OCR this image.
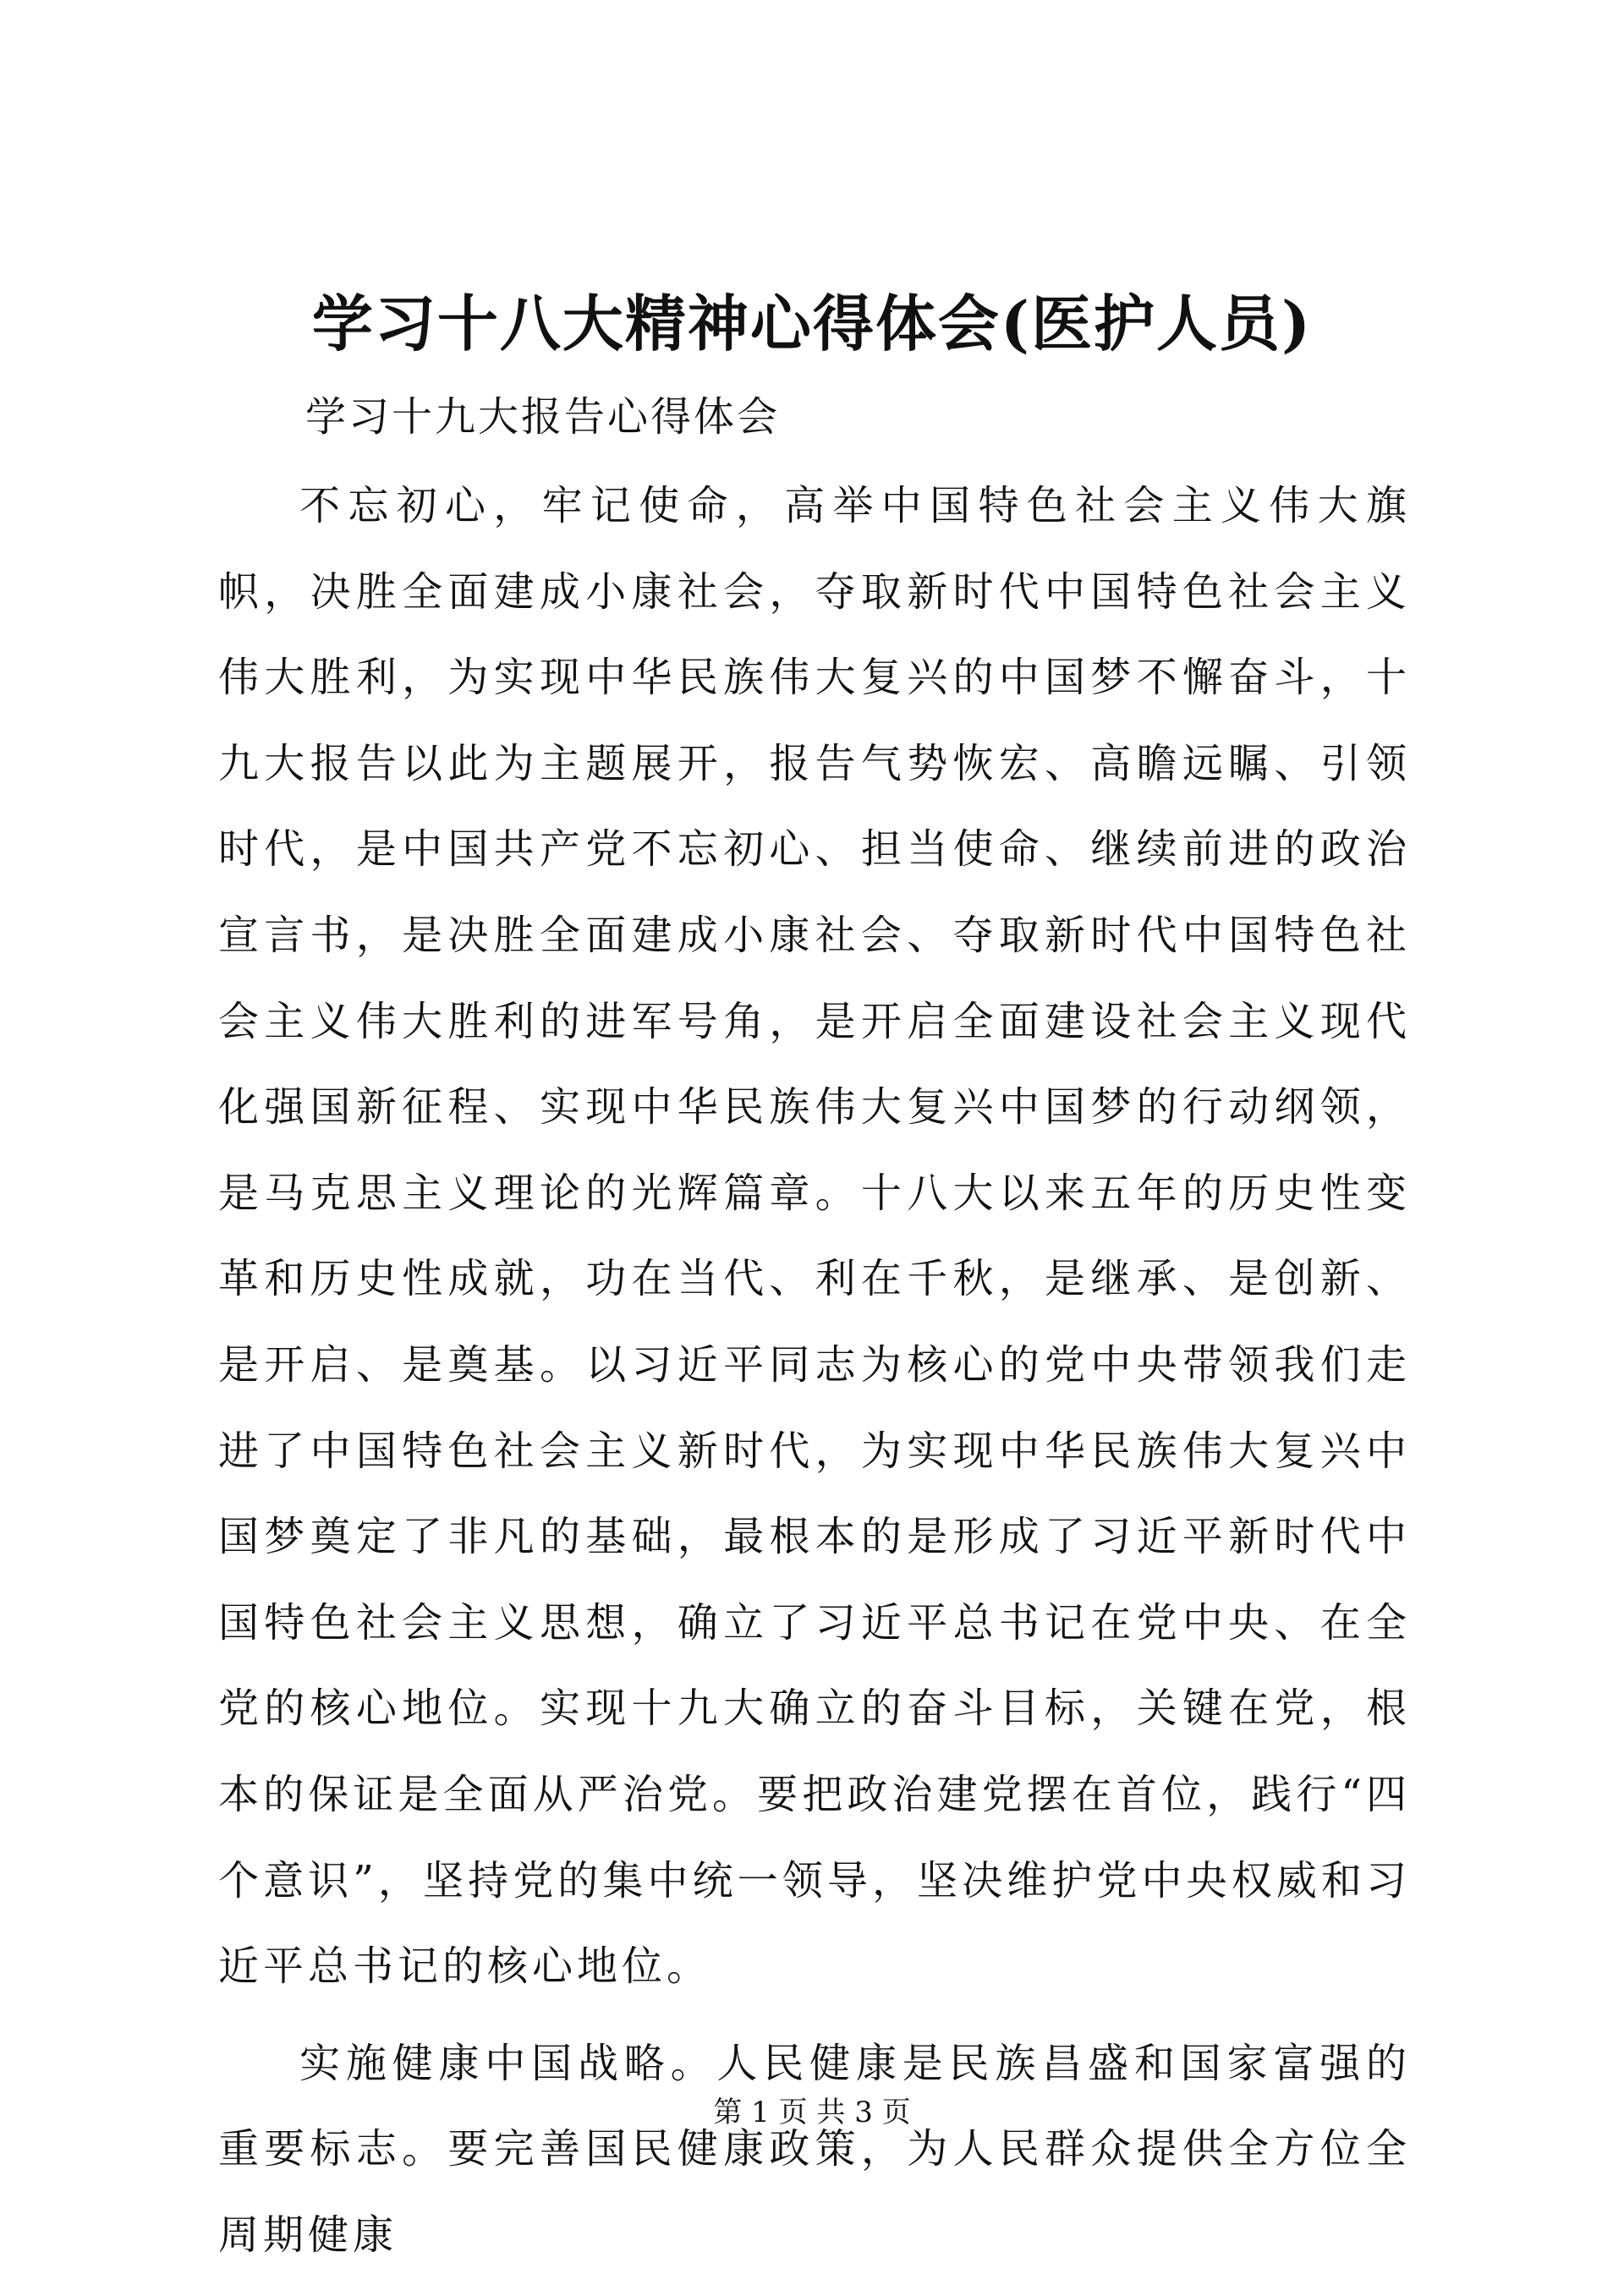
学习十八大精神心得体会(医护人员)
学习十九大报告心得体会

不忘初心，牢记使命，高举中国特色社会主义伟大旗帜，决胜全面建成小康社会，夺取新时代中国特色社会主义伟大胜利，为实现中华民族伟大复兴的中国梦不懈奋斗，十九大报告以此为主题展开，报告气势恢宏、高瞻远瞩、引领时代，是中国共产党不忘初心、担当使命、继续前进的政治宣言书，是决胜全面建成小康社会、夺取新时代中国特色社会主义伟大胜利的进军号角，是开启全面建设社会主义现代化强国新征程、实现中华民族伟大复兴中国梦的行动纲领，是马克思主义理论的光辉篇章。十八大以来五年的历史性变革和历史性成就，功在当代、利在千秋，是继承、是创新、是开启、是奠基。以习近平同志为核心的党中央带领我们走进了中国特色社会主义新时代，为实现中华民族伟大复兴中国梦奠定了非凡的基础，最根本的是形成了习近平新时代中国特色社会主义思想，确立了习近平总书记在党中央、在全党的核心地位。实现十九大确立的奋斗目标，关键在党，根本的保证是全面从严治党。要把政治建党摆在首位，践行“四个意识”，坚持党的集中统一领导，坚决维护党中央权威和习近平总书记的核心地位。

实施健康中国战略。人民健康是民族昌盛和国家富强的重要标志。要完善国民健康政策，为人民群众提供全方位全周期健康

第 1 页 共 3 页
